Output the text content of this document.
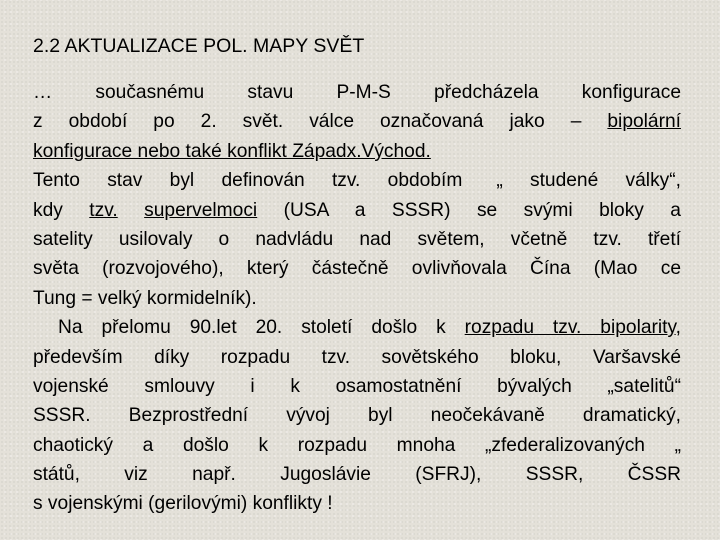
2.2 AKTUALIZACE POL. MAPY SVĚT

… současnému stavu P-M-S předcházela konfigurace
z období po 2. svět. válce označovaná jako – bipolární
konfigurace nebo také konflikt Západx.Východ.
Tento stav byl definován tzv. obdobím „ studené války“,
kdy tzv. supervelmoci (USA a SSSR) se svými bloky a
satelity usilovaly o nadvládu nad světem, včetně tzv. třetí
světa (rozvojového), který částečně ovlivňovala Čína (Mao ce
Tung = velký kormidelník).

Na přelomu 90.let 20. století došlo k rozpadu tzv. bipolarity,
především díky rozpadu tzv. sovětského bloku, Varšavské
vojenské smlouvy i k osamostatnění bývalých „satelitů“
SSSR. Bezprostřední vývoj byl neočekávaně dramatický,
chaotický a došlo k rozpadu mnoha „zfederalizovaných „
států, viz např. Jugoslávie (SFRJ), SSSR, ČSSR
s vojenskými (gerilovými) konflikty !
